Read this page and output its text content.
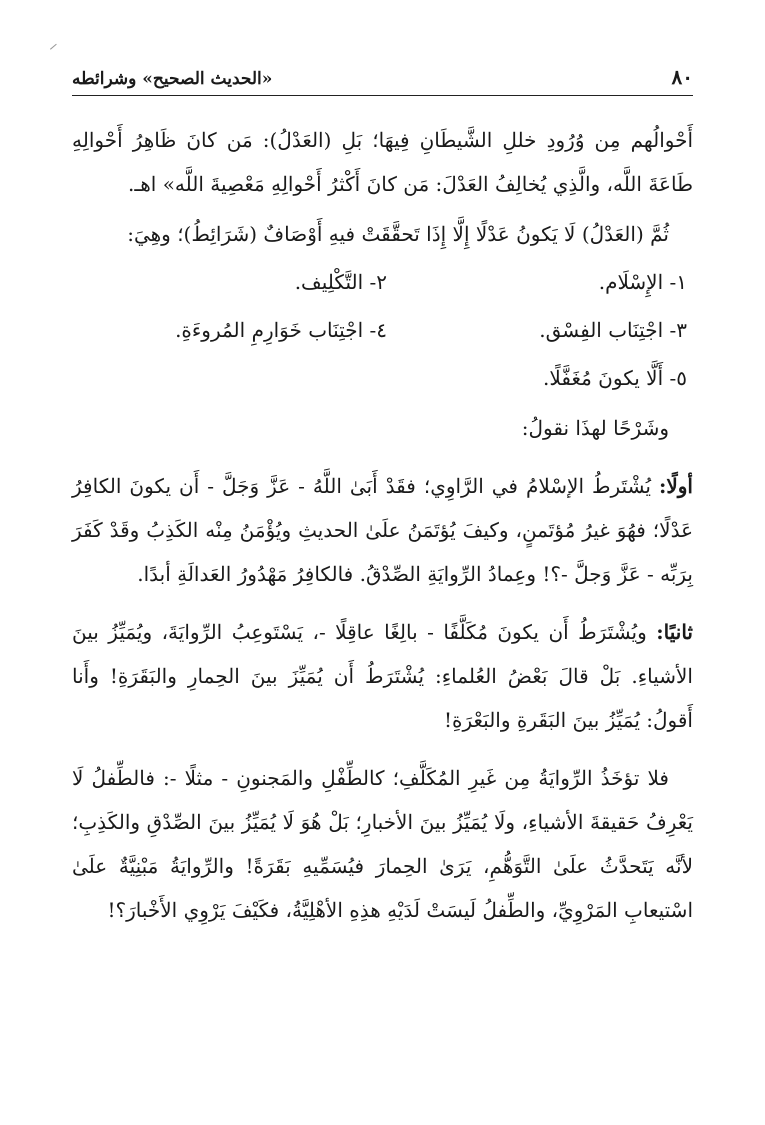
٨٠
«الحديث الصحيح» وشرائطه

أَحْوالُهم مِن وُرُودِ خللِ الشَّيطَانِ فِيهَا؛ بَلِ (العَدْلُ): مَن كانَ ظَاهِرُ أَحْوالِهِ طَاعَةَ اللَّه، والَّذِي يُخالِفُ العَدْلَ: مَن كانَ أَكْثرُ أَحْوالِهِ مَعْصِيةَ اللَّه» اهـ.

ثُمَّ (العَدْلُ) لَا يَكونُ عَدْلًا إِلَّا إِذَا تَحقَّقَتْ فيهِ أَوْصَافٌ (شَرَائِطُ)؛ وهِيَ:

١- الإِسْلَام.
٢- التَّكْلِيف.
٣- اجْتِنَاب الفِسْق.
٤- اجْتِنَاب خَوَارِمِ المُروءَةِ.
٥- أَلَّا يكونَ مُغَفَّلًا.

وشَرْحًا لهذَا نقولُ:

أولًا: يُشْتَرطُ الإسْلامُ في الرَّاوِي؛ فقَدْ أَبَىٰ اللَّهُ - عَزَّ وَجَلَّ - أَن يكونَ الكافِرُ عَدْلًا؛ فهُوَ غيرُ مُؤتَمنٍ، وكيفَ يُؤتَمَنُ علَىٰ الحديثِ ويُؤْمَنُ مِنْه الكَذِبُ وقَدْ كَفَرَ بِرَبِّه - عَزَّ وَجلَّ -؟! وعِمادُ الرِّوايَةِ الصِّدْقُ. فالكافِرُ مَهْدُورُ العَدالَةِ أبدًا.

ثانيًا: ويُشْتَرَطُ أَن يكونَ مُكَلَّفًا - بالِغًا عاقِلًا -، يَسْتَوعِبُ الرِّوايَةَ، ويُمَيِّزُ بينَ الأشياءِ. بَلْ قالَ بَعْضُ العُلماءِ: يُشْتَرَطُ أَن يُمَيِّزَ بينَ الحِمارِ والبَقَرَةِ! وأَنا أَقولُ: يُمَيِّزُ بينَ البَقَرةِ والبَعْرَةِ!

فلا تؤخَذُ الرِّوايَةُ مِن غَيرِ المُكَلَّفِ؛ كالطِّفْلِ والمَجنونِ - مثلًا -: فالطِّفلُ لَا يَعْرِفُ حَقيقةَ الأشياءِ، ولَا يُمَيِّزُ بينَ الأخبارِ؛ بَلْ هُوَ لَا يُمَيِّزُ بينَ الصِّدْقِ والكَذِبِ؛ لأنَّه يَتَحدَّثُ علَىٰ التَّوَهُّمِ، يَرَىٰ الحِمارَ فيُسَمِّيهِ بَقَرَةً! والرِّوايَةُ مَبْنِيَّةٌ علَىٰ اسْتيعابِ المَرْوِيِّ، والطِّفلُ لَيسَتْ لَدَيْهِ هذِهِ الأهْلِيَّةُ، فكَيْفَ يَرْوِي الأَخْبارَ؟!
